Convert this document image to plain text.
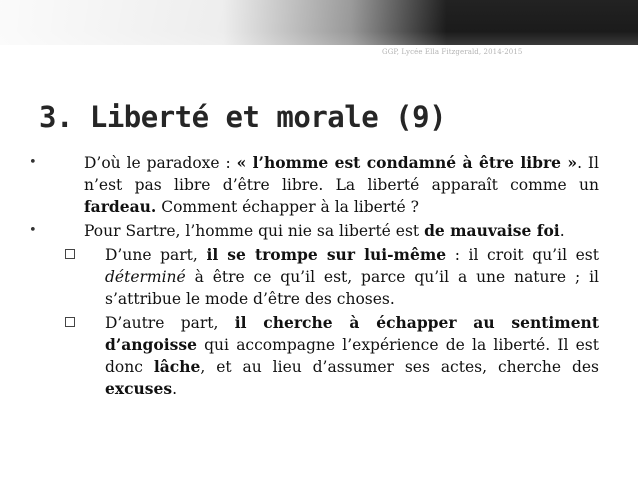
GGP, Lycée Ella Fitzgerald, 2014-2015
3. Liberté et morale (9)
•	D’où le paradoxe : « l’homme est condamné à être libre ». Il n’est pas libre d’être libre. La liberté apparaît comme un fardeau. Comment échapper à la liberté ?
•	Pour Sartre, l’homme qui nie sa liberté est de mauvaise foi.
D’une part, il se trompe sur lui-même : il croit qu’il est déterminé à être ce qu’il est, parce qu’il a une nature ; il s’attribue le mode d’être des choses.
D’autre part, il cherche à échapper au sentiment d’angoisse qui accompagne l’expérience de la liberté. Il est donc lâche, et au lieu d’assumer ses actes, cherche des excuses.
